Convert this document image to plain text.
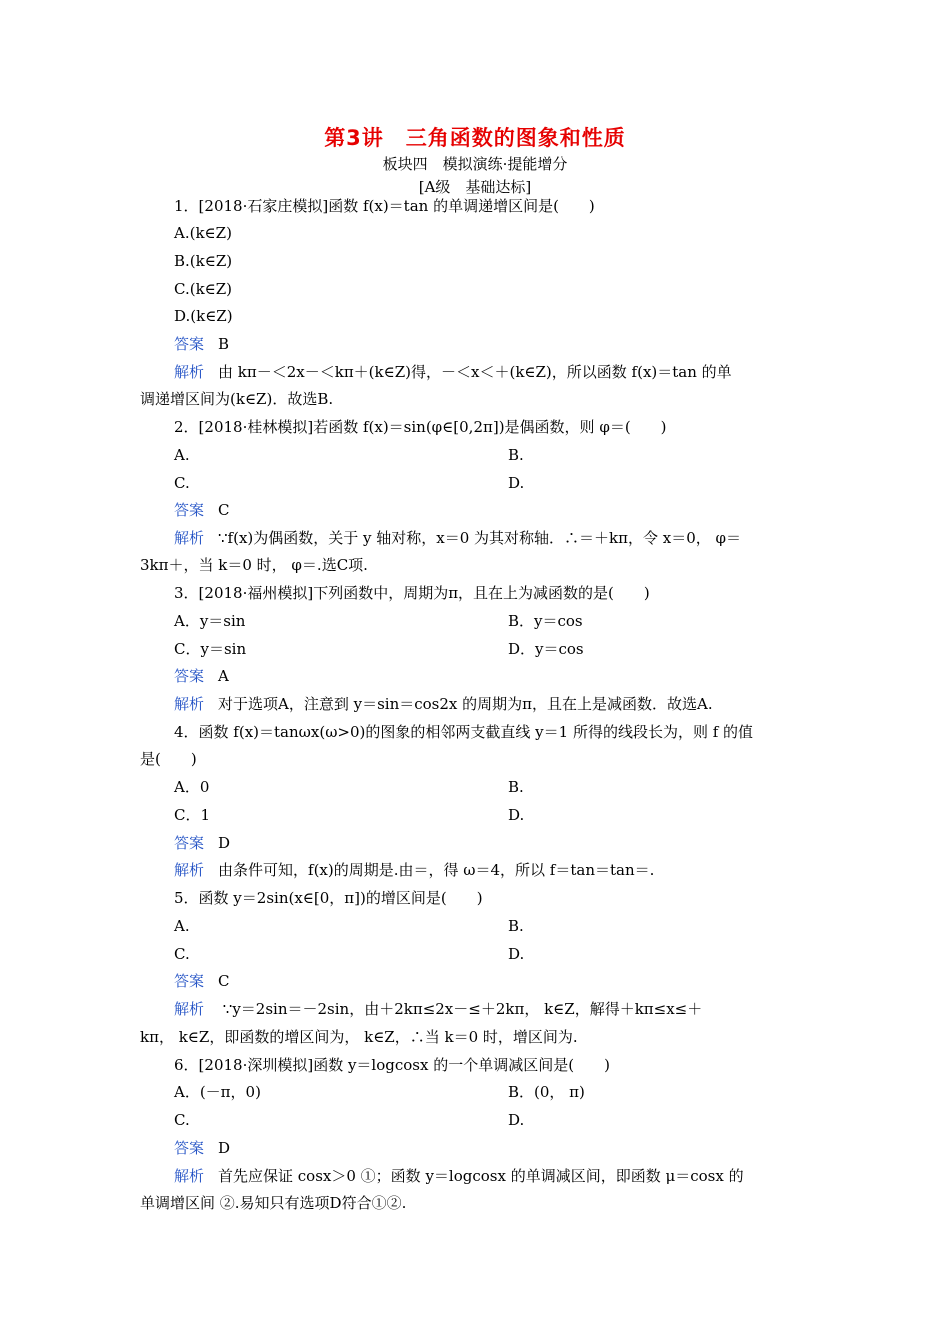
第3讲　三角函数的图象和性质
板块四　模拟演练·提能增分
[A级　基础达标]
1．[2018·石家庄模拟]函数 f(x)＝tan 的单调递增区间是(　　)
A.(k∈Z)
B.(k∈Z)
C.(k∈Z)
D.(k∈Z)
答案 B
解析 由 kπ－＜2x－＜kπ＋(k∈Z)得，－＜x＜＋(k∈Z)，所以函数 f(x)＝tan 的单
调递增区间为(k∈Z)．故选B.
2．[2018·桂林模拟]若函数 f(x)＝sin(φ∈[0,2π])是偶函数，则 φ＝(　　)
A.	B.
C.	D.
答案 C
解析 ∵f(x)为偶函数，关于 y 轴对称，x＝0 为其对称轴．∴＝＋kπ，令 x＝0， φ＝
3kπ＋，当 k＝0 时， φ＝.选C项.
3．[2018·福州模拟]下列函数中，周期为π，且在上为减函数的是(　　)
A．y＝sin	B．y＝cos
C．y＝sin	D．y＝cos
答案 A
解析 对于选项A，注意到 y＝sin＝cos2x 的周期为π，且在上是减函数．故选A.
4．函数 f(x)＝tanωx(ω>0)的图象的相邻两支截直线 y＝1 所得的线段长为，则 f 的值
是(　　)
A．0	B.
C．1	D.
答案 D
解析 由条件可知，f(x)的周期是.由＝，得 ω＝4，所以 f＝tan＝tan＝.
5．函数 y＝2sin(x∈[0，π])的增区间是(　　)
A.	B.
C.	D.
答案 C
解析 ∵y＝2sin＝－2sin，由＋2kπ≤2x－≤＋2kπ， k∈Z，解得＋kπ≤x≤＋
kπ， k∈Z，即函数的增区间为， k∈Z，∴当 k＝0 时，增区间为.
6．[2018·深圳模拟]函数 y＝logcosx 的一个单调减区间是(　　)
A．(－π，0)	B．(0， π)
C.	D.
答案 D
解析 首先应保证 cosx＞0 ①；函数 y＝logcosx 的单调减区间，即函数 μ＝cosx 的
单调增区间 ②.易知只有选项D符合①②.
